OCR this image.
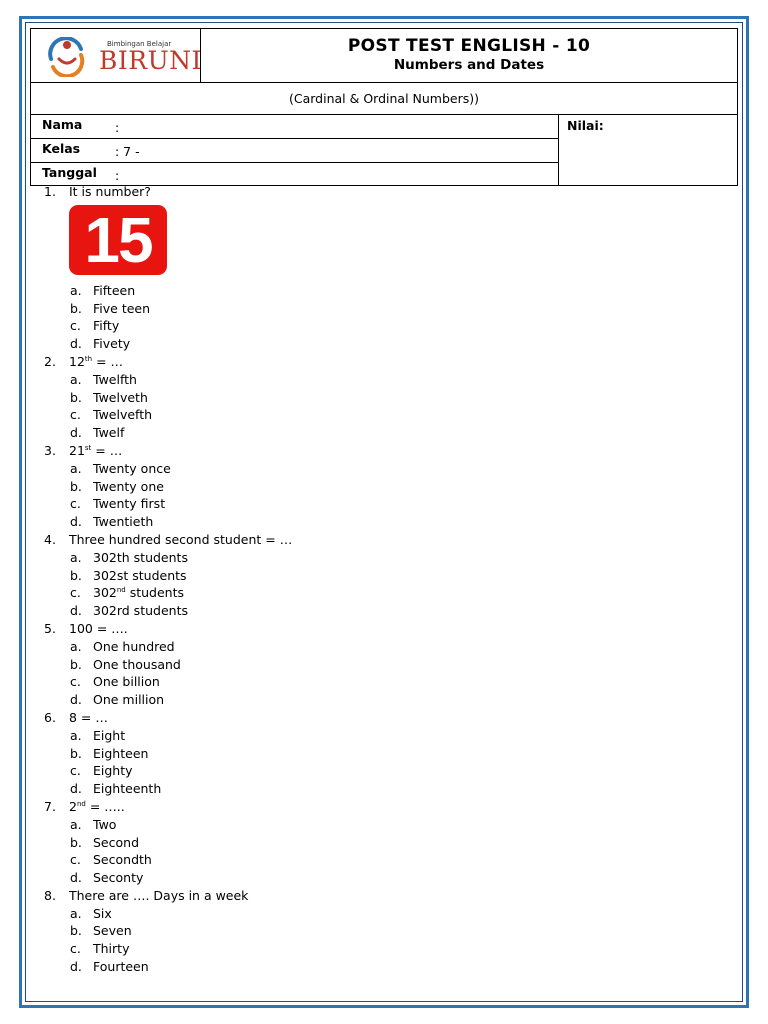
Bimbingan Belajar
BIRUNI	POST TEST ENGLISH - 10
Numbers and Dates
(Cardinal & Ordinal Numbers))
Nama	:
Kelas	: 7 -
Tanggal :
Nilai:
1. It is number?
15
a. Fifteen
b. Five teen
c. Fifty
d. Fivety
2. 12th = …
a. Twelfth
b. Twelveth
c. Twelvefth
d. Twelf
3. 21st = …
a. Twenty once
b. Twenty one
c. Twenty first
d. Twentieth
4. Three hundred second student = …
a. 302th students
b. 302st students
c. 302nd students
d. 302rd students
5. 100 = ….
a. One hundred
b. One thousand
c. One billion
d. One million
6. 8 = …
a. Eight
b. Eighteen
c. Eighty
d. Eighteenth
7. 2nd = …..
a. Two
b. Second
c. Secondth
d. Seconty
8. There are …. Days in a week
a. Six
b. Seven
c. Thirty
d. Fourteen
